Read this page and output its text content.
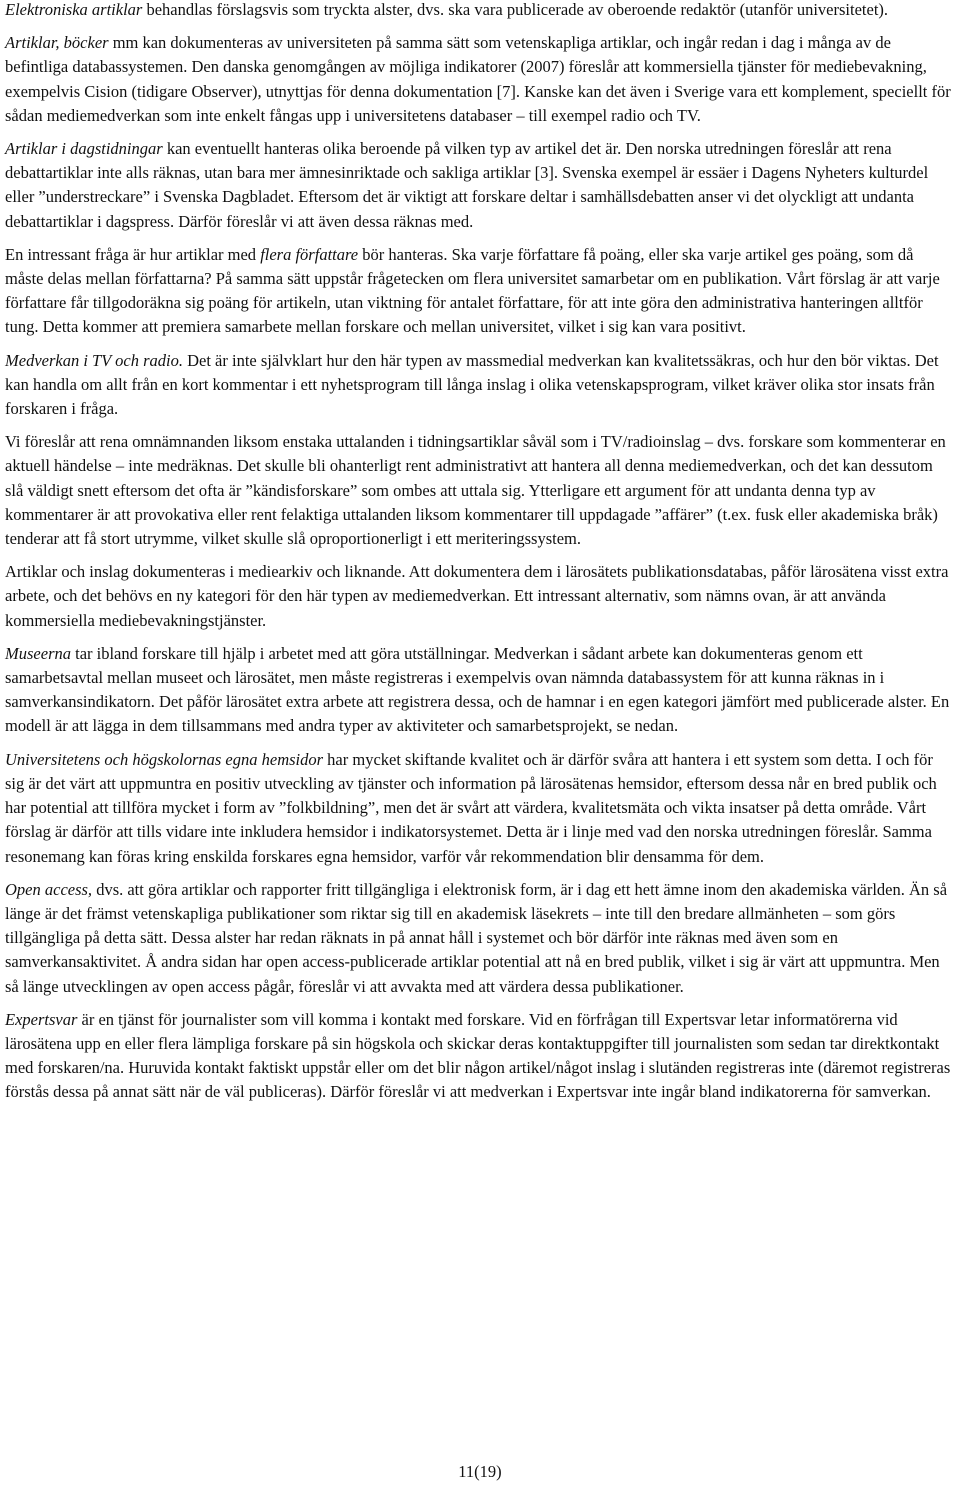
Elektroniska artiklar behandlas förslagsvis som tryckta alster, dvs. ska vara publicerade av oberoende redaktör (utanför universitetet).

Artiklar, böcker mm kan dokumenteras av universiteten på samma sätt som vetenskapliga artiklar, och ingår redan i dag i många av de befintliga databassystemen. Den danska genomgången av möjliga indikatorer (2007) föreslår att kommersiella tjänster för mediebevakning, exempelvis Cision (tidigare Observer), utnyttjas för denna dokumentation [7]. Kanske kan det även i Sverige vara ett komplement, speciellt för sådan mediemedverkan som inte enkelt fångas upp i universitetens databaser – till exempel radio och TV.

Artiklar i dagstidningar kan eventuellt hanteras olika beroende på vilken typ av artikel det är. Den norska utredningen föreslår att rena debattartiklar inte alls räknas, utan bara mer ämnesinriktade och sakliga artiklar [3]. Svenska exempel är essäer i Dagens Nyheters kulturdel eller ”understreckare” i Svenska Dagbladet. Eftersom det är viktigt att forskare deltar i samhällsdebatten anser vi det olyckligt att undanta debattartiklar i dagspress. Därför föreslår vi att även dessa räknas med.

En intressant fråga är hur artiklar med flera författare bör hanteras. Ska varje författare få poäng, eller ska varje artikel ges poäng, som då måste delas mellan författarna? På samma sätt uppstår frågetecken om flera universitet samarbetar om en publikation. Vårt förslag är att varje författare får tillgodoräkna sig poäng för artikeln, utan viktning för antalet författare, för att inte göra den administrativa hanteringen alltför tung. Detta kommer att premiera samarbete mellan forskare och mellan universitet, vilket i sig kan vara positivt.

Medverkan i TV och radio. Det är inte självklart hur den här typen av massmedial medverkan kan kvalitetssäkras, och hur den bör viktas. Det kan handla om allt från en kort kommentar i ett nyhetsprogram till långa inslag i olika vetenskapsprogram, vilket kräver olika stor insats från forskaren i fråga.

Vi föreslår att rena omnämnanden liksom enstaka uttalanden i tidningsartiklar såväl som i TV/radioinslag – dvs. forskare som kommenterar en aktuell händelse – inte medräknas. Det skulle bli ohanterligt rent administrativt att hantera all denna mediemedverkan, och det kan dessutom slå väldigt snett eftersom det ofta är ”kändisforskare” som ombes att uttala sig. Ytterligare ett argument för att undanta denna typ av kommentarer är att provokativa eller rent felaktiga uttalanden liksom kommentarer till uppdagade ”affärer” (t.ex. fusk eller akademiska bråk) tenderar att få stort utrymme, vilket skulle slå oproportionerligt i ett meriteringssystem.

Artiklar och inslag dokumenteras i mediearkiv och liknande. Att dokumentera dem i lärosätets publikationsdatabas, påför lärosätena visst extra arbete, och det behövs en ny kategori för den här typen av mediemedverkan. Ett intressant alternativ, som nämns ovan, är att använda kommersiella mediebevakningstjänster.

Museerna tar ibland forskare till hjälp i arbetet med att göra utställningar. Medverkan i sådant arbete kan dokumenteras genom ett samarbetsavtal mellan museet och lärosätet, men måste registreras i exempelvis ovan nämnda databassystem för att kunna räknas in i samverkansindikatorn. Det påför lärosätet extra arbete att registrera dessa, och de hamnar i en egen kategori jämfört med publicerade alster. En modell är att lägga in dem tillsammans med andra typer av aktiviteter och samarbetsprojekt, se nedan.

Universitetens och högskolornas egna hemsidor har mycket skiftande kvalitet och är därför svåra att hantera i ett system som detta. I och för sig är det värt att uppmuntra en positiv utveckling av tjänster och information på lärosätenas hemsidor, eftersom dessa når en bred publik och har potential att tillföra mycket i form av ”folkbildning”, men det är svårt att värdera, kvalitetsmäta och vikta insatser på detta område. Vårt förslag är därför att tills vidare inte inkludera hemsidor i indikatorsystemet. Detta är i linje med vad den norska utredningen föreslår. Samma resonemang kan föras kring enskilda forskares egna hemsidor, varför vår rekommendation blir densamma för dem.

Open access, dvs. att göra artiklar och rapporter fritt tillgängliga i elektronisk form, är i dag ett hett ämne inom den akademiska världen. Än så länge är det främst vetenskapliga publikationer som riktar sig till en akademisk läsekrets – inte till den bredare allmänheten – som görs tillgängliga på detta sätt. Dessa alster har redan räknats in på annat håll i systemet och bör därför inte räknas med även som en samverkansaktivitet. Å andra sidan har open access-publicerade artiklar potential att nå en bred publik, vilket i sig är värt att uppmuntra. Men så länge utvecklingen av open access pågår, föreslår vi att avvakta med att värdera dessa publikationer.

Expertsvar är en tjänst för journalister som vill komma i kontakt med forskare. Vid en förfrågan till Expertsvar letar informatörerna vid lärosätena upp en eller flera lämpliga forskare på sin högskola och skickar deras kontaktuppgifter till journalisten som sedan tar direktkontakt med forskaren/na. Huruvida kontakt faktiskt uppstår eller om det blir någon artikel/något inslag i slutänden registreras inte (däremot registreras förstås dessa på annat sätt när de väl publiceras). Därför föreslår vi att medverkan i Expertsvar inte ingår bland indikatorerna för samverkan.

11(19)
